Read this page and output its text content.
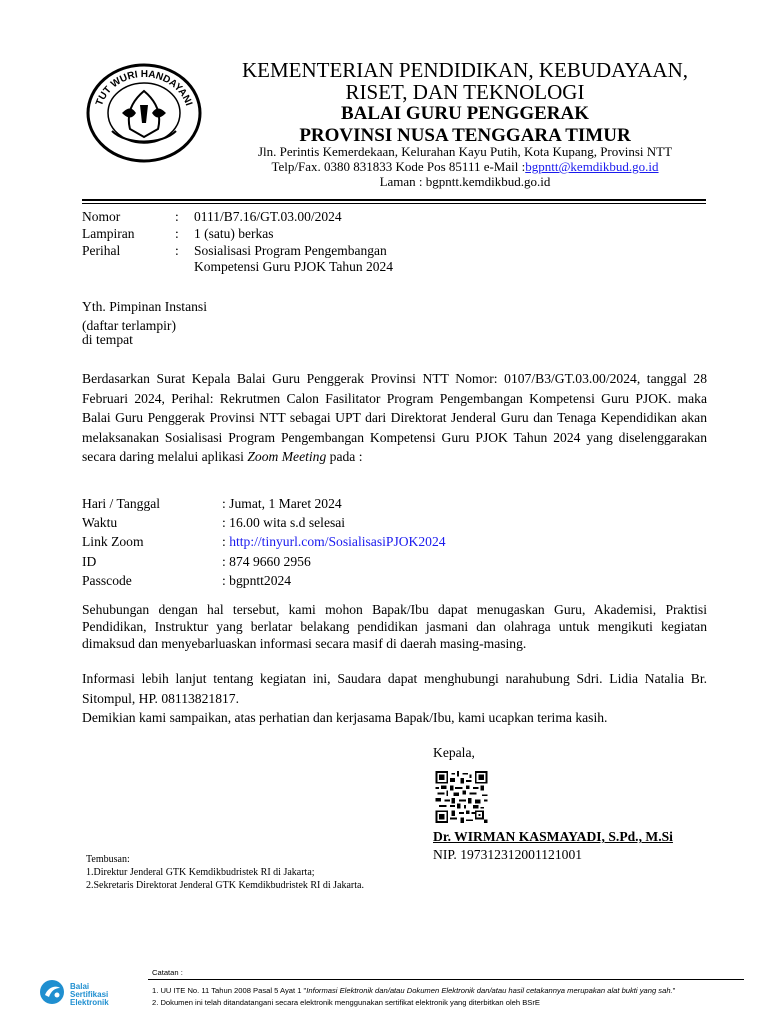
TUT WURI HANDAYANI
KEMENTERIAN PENDIDIKAN, KEBUDAYAAN,
RISET, DAN TEKNOLOGI
BALAI GURU PENGGERAK
PROVINSI NUSA TENGGARA TIMUR
Jln. Perintis Kemerdekaan, Kelurahan Kayu Putih, Kota Kupang, Provinsi NTT
Telp/Fax. 0380 831833 Kode Pos 85111 e-Mail :bgpntt@kemdikbud.go.id
Laman : bgpntt.kemdikbud.go.id
Nomor	: 0111/B7.16/GT.03.00/2024
Lampiran	: 1 (satu) berkas
Perihal	: Sosialisasi Program Pengembangan
Kompetensi Guru PJOK Tahun 2024
Yth. Pimpinan Instansi
(daftar terlampir)
di tempat
Berdasarkan Surat Kepala Balai Guru Penggerak Provinsi NTT Nomor: 0107/B3/GT.03.00/2024, tanggal 28 Februari 2024, Perihal: Rekrutmen Calon Fasilitator Program Pengembangan Kompetensi Guru PJOK. maka Balai Guru Penggerak Provinsi NTT sebagai UPT dari Direktorat Jenderal Guru dan Tenaga Kependidikan akan melaksanakan Sosialisasi Program Pengembangan Kompetensi Guru PJOK Tahun 2024 yang diselenggarakan secara daring melalui aplikasi Zoom Meeting pada :
Hari / Tanggal	: Jumat, 1 Maret 2024
Waktu	: 16.00 wita s.d selesai
Link Zoom	: http://tinyurl.com/SosialisasiPJOK2024
ID	: 874 9660 2956
Passcode	: bgpntt2024
Sehubungan dengan hal tersebut, kami mohon Bapak/Ibu dapat menugaskan Guru, Akademisi, Praktisi Pendidikan, Instruktur yang berlatar belakang pendidikan jasmani dan olahraga untuk mengikuti kegiatan dimaksud dan menyebarluaskan informasi secara masif di daerah masing-masing.
Informasi lebih lanjut tentang kegiatan ini, Saudara dapat menghubungi narahubung Sdri. Lidia Natalia Br. Sitompul, HP. 08113821817.
Demikian kami sampaikan, atas perhatian dan kerjasama Bapak/Ibu, kami ucapkan terima kasih.
Kepala,
Dr. WIRMAN KASMAYADI, S.Pd., M.Si
NIP. 197312312001121001
Tembusan:
1.Direktur Jenderal GTK Kemdikbudristek RI di Jakarta;
2.Sekretaris Direktorat Jenderal GTK Kemdikbudristek RI di Jakarta.
Balai
Sertifikasi
Elektronik
Catatan :
1. UU ITE No. 11 Tahun 2008 Pasal 5 Ayat 1 "Informasi Elektronik dan/atau Dokumen Elektronik dan/atau hasil cetakannya merupakan alat bukti yang sah."
2. Dokumen ini telah ditandatangani secara elektronik menggunakan sertifikat elektronik yang diterbitkan oleh BSrE
